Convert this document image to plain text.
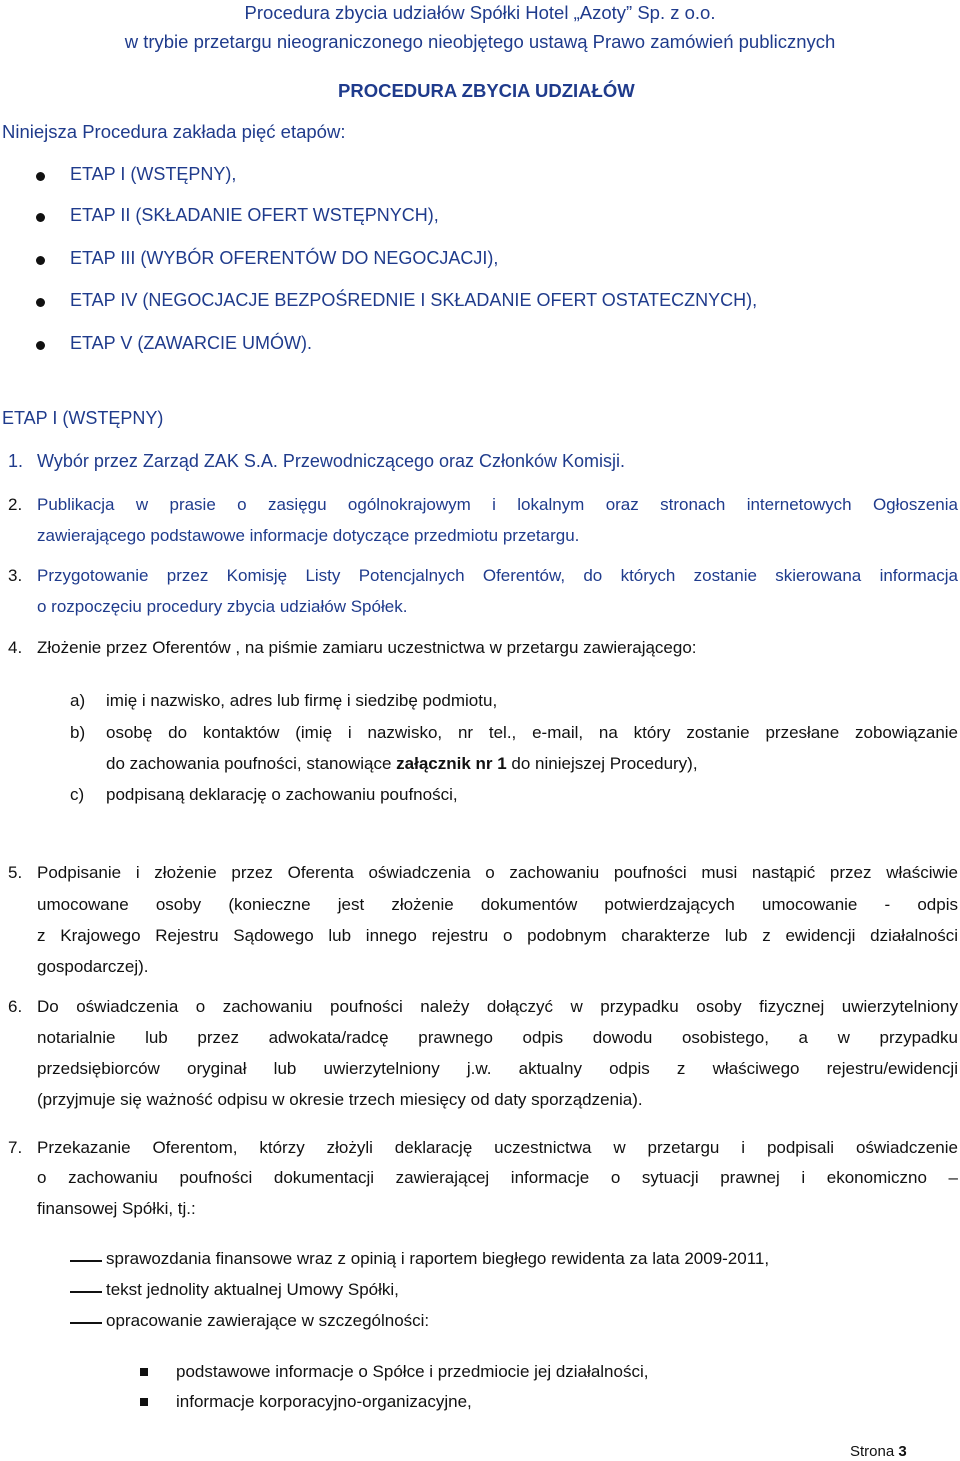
Procedura zbycia udziałów Spółki Hotel „Azoty” Sp. z o.o.
w trybie przetargu nieograniczonego nieobjętego ustawą Prawo zamówień publicznych
PROCEDURA ZBYCIA UDZIAŁÓW
Niniejsza Procedura zakłada pięć etapów:
ETAP I (WSTĘPNY),
ETAP II (SKŁADANIE OFERT WSTĘPNYCH),
ETAP III (WYBÓR OFERENTÓW DO NEGOCJACJI),
ETAP IV (NEGOCJACJE BEZPOŚREDNIE I SKŁADANIE OFERT OSTATECZNYCH),
ETAP V (ZAWARCIE UMÓW).
ETAP I (WSTĘPNY)
1. Wybór przez Zarząd ZAK S.A. Przewodniczącego oraz Członków Komisji.
2. Publikacja w prasie o zasięgu ogólnokrajowym i lokalnym oraz stronach internetowych Ogłoszenia
zawierającego podstawowe informacje dotyczące przedmiotu przetargu.
3. Przygotowanie przez Komisję Listy Potencjalnych Oferentów, do których zostanie skierowana informacja
o rozpoczęciu procedury zbycia udziałów Spółek.
4. Złożenie przez Oferentów , na piśmie zamiaru uczestnictwa w przetargu zawierającego:
a) imię i nazwisko, adres lub firmę i siedzibę podmiotu,
b) osobę do kontaktów (imię i nazwisko, nr tel., e-mail, na który zostanie przesłane zobowiązanie
do zachowania poufności, stanowiące załącznik nr 1 do niniejszej Procedury),
c) podpisaną deklarację o zachowaniu poufności,
5. Podpisanie i złożenie przez Oferenta oświadczenia o zachowaniu poufności musi nastąpić przez właściwie
umocowane osoby (konieczne jest złożenie dokumentów potwierdzających umocowanie - odpis
z Krajowego Rejestru Sądowego lub innego rejestru o podobnym charakterze lub z ewidencji działalności
gospodarczej).
6. Do oświadczenia o zachowaniu poufności należy dołączyć w przypadku osoby fizycznej uwierzytelniony
notarialnie lub przez adwokata/radcę prawnego odpis dowodu osobistego, a w przypadku
przedsiębiorców oryginał lub uwierzytelniony j.w. aktualny odpis z właściwego rejestru/ewidencji
(przyjmuje się ważność odpisu w okresie trzech miesięcy od daty sporządzenia).
7. Przekazanie Oferentom, którzy złożyli deklarację uczestnictwa w przetargu i podpisali oświadczenie
o zachowaniu poufności dokumentacji zawierającej informacje o sytuacji prawnej i ekonomiczno –
finansowej Spółki, tj.:
sprawozdania finansowe wraz z opinią i raportem biegłego rewidenta za lata 2009-2011,
tekst jednolity aktualnej Umowy Spółki,
opracowanie zawierające w szczególności:
podstawowe informacje o Spółce i przedmiocie jej działalności,
informacje korporacyjno-organizacyjne,
Strona 3
